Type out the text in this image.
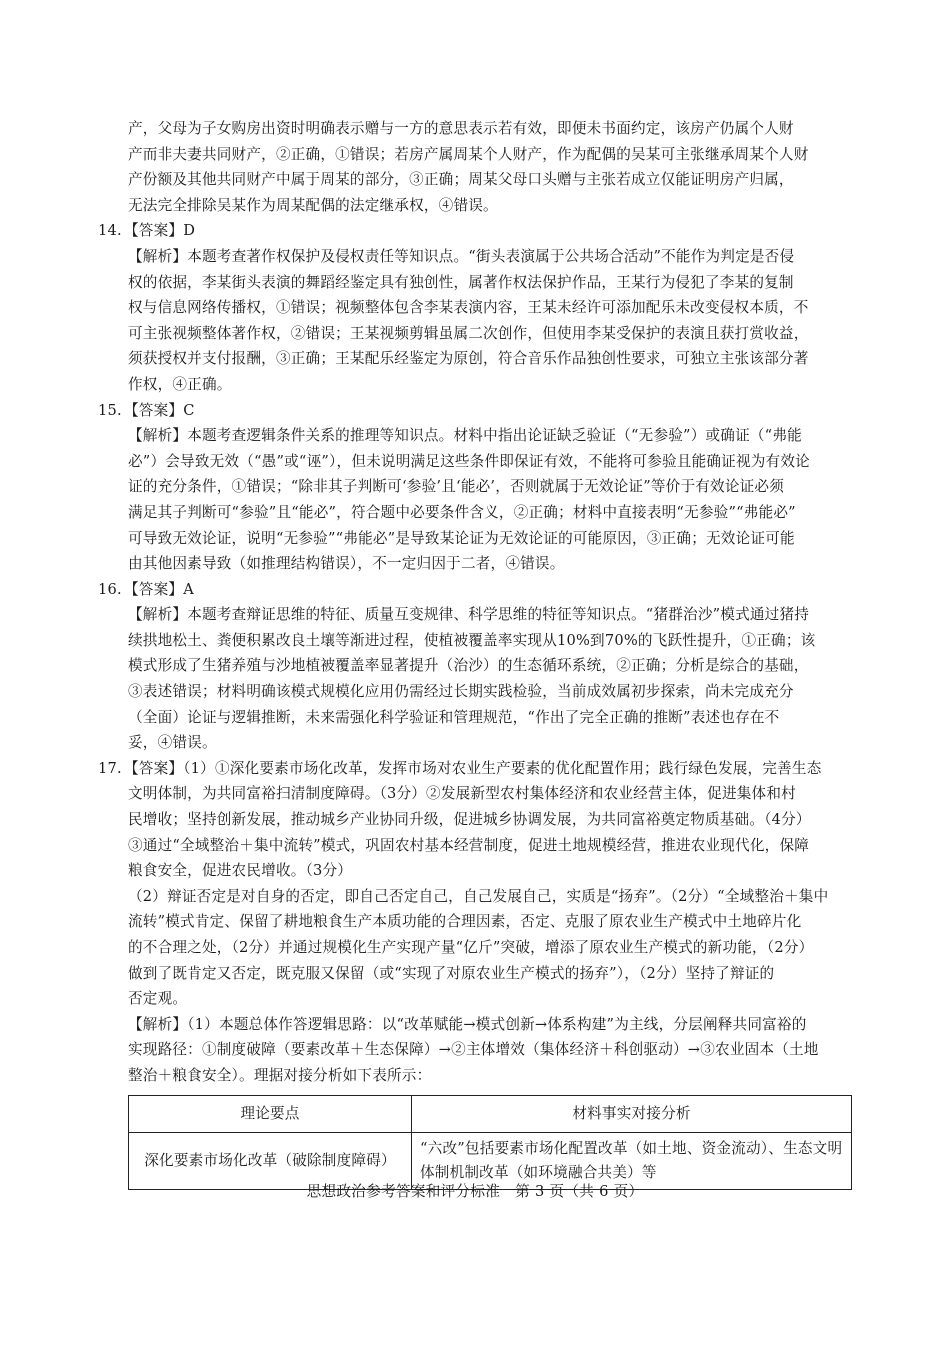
产，父母为子女购房出资时明确表示赠与一方的意思表示若有效，即便未书面约定，该房产仍属个人财

产而非夫妻共同财产，②正确，①错误；若房产属周某个人财产，作为配偶的吴某可主张继承周某个人财

产份额及其他共同财产中属于周某的部分，③正确；周某父母口头赠与主张若成立仅能证明房产归属，

无法完全排除吴某作为周某配偶的法定继承权，④错误。

14. 【答案】D

【解析】本题考查著作权保护及侵权责任等知识点。“街头表演属于公共场合活动”不能作为判定是否侵

权的依据，李某街头表演的舞蹈经鉴定具有独创性，属著作权法保护作品，王某行为侵犯了李某的复制

权与信息网络传播权，①错误；视频整体包含李某表演内容，王某未经许可添加配乐未改变侵权本质，不

可主张视频整体著作权，②错误；王某视频剪辑虽属二次创作，但使用李某受保护的表演且获打赏收益，

须获授权并支付报酬，③正确；王某配乐经鉴定为原创，符合音乐作品独创性要求，可独立主张该部分著

作权，④正确。

15. 【答案】C

【解析】本题考查逻辑条件关系的推理等知识点。材料中指出论证缺乏验证（“无参验”）或确证（“弗能

必”）会导致无效（“愚”或“诬”），但未说明满足这些条件即保证有效，不能将可参验且能确证视为有效论

证的充分条件，①错误；“除非其子判断可‘参验’且‘能必’，否则就属于无效论证”等价于有效论证必须

满足其子判断可“参验”且“能必”，符合题中必要条件含义，②正确；材料中直接表明“无参验”“弗能必”

可导致无效论证，说明“无参验”“弗能必”是导致某论证为无效论证的可能原因，③正确；无效论证可能

由其他因素导致（如推理结构错误），不一定归因于二者，④错误。

16. 【答案】A

【解析】本题考查辩证思维的特征、质量互变规律、科学思维的特征等知识点。“猪群治沙”模式通过猪持

续拱地松土、粪便积累改良土壤等渐进过程，使植被覆盖率实现从10%到70%的飞跃性提升，①正确；该

模式形成了生猪养殖与沙地植被覆盖率显著提升（治沙）的生态循环系统，②正确；分析是综合的基础，

③表述错误；材料明确该模式规模化应用仍需经过长期实践检验，当前成效属初步探索，尚未完成充分

（全面）论证与逻辑推断，未来需强化科学验证和管理规范，“作出了完全正确的推断”表述也存在不

妥，④错误。

17. 【答案】（1）①深化要素市场化改革，发挥市场对农业生产要素的优化配置作用；践行绿色发展，完善生态

文明体制，为共同富裕扫清制度障碍。（3分）②发展新型农村集体经济和农业经营主体，促进集体和村

民增收；坚持创新发展，推动城乡产业协同升级，促进城乡协调发展，为共同富裕奠定物质基础。（4分）

③通过“全域整治＋集中流转”模式，巩固农村基本经营制度，促进土地规模经营，推进农业现代化，保障

粮食安全，促进农民增收。（3分）

（2）辩证否定是对自身的否定，即自己否定自己，自己发展自己，实质是“扬弃”。（2分）“全域整治＋集中

流转”模式肯定、保留了耕地粮食生产本质功能的合理因素，否定、克服了原农业生产模式中土地碎片化

的不合理之处，（2分）并通过规模化生产实现产量“亿斤”突破，增添了原农业生产模式的新功能，（2分）

做到了既肯定又否定，既克服又保留（或“实现了对原农业生产模式的扬弃”），（2分）坚持了辩证的

否定观。

【解析】（1）本题总体作答逻辑思路：以“改革赋能→模式创新→体系构建”为主线，分层阐释共同富裕的

实现路径：①制度破障（要素改革＋生态保障）→②主体增效（集体经济＋科创驱动）→③农业固本（土地

整治＋粮食安全）。理据对接分析如下表所示：

理论要点	材料事实对接分析
深化要素市场化改革（破除制度障碍）	“六改”包括要素市场化配置改革（如土地、资金流动）、生态文明体制机制改革（如环境融合共美）等
思想政治参考答案和评分标准　第 3 页（共 6 页）
